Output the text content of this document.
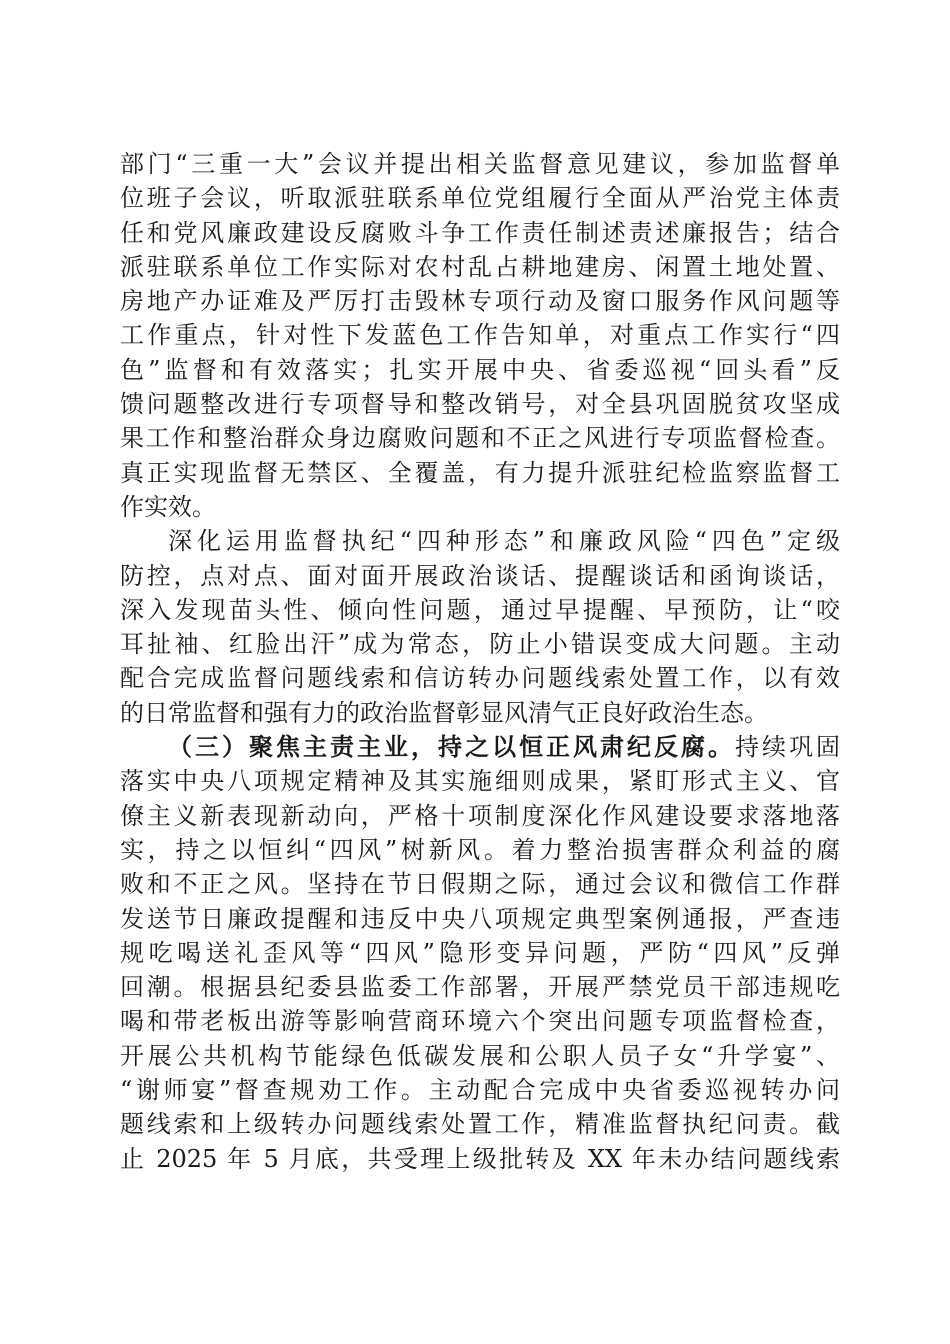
部门“三重一大”会议并提出相关监督意见建议，参加监督单
位班子会议，听取派驻联系单位党组履行全面从严治党主体责
任和党风廉政建设反腐败斗争工作责任制述责述廉报告；结合
派驻联系单位工作实际对农村乱占耕地建房、闲置土地处置、
房地产办证难及严厉打击毁林专项行动及窗口服务作风问题等
工作重点，针对性下发蓝色工作告知单，对重点工作实行“四
色”监督和有效落实；扎实开展中央、省委巡视“回头看”反
馈问题整改进行专项督导和整改销号，对全县巩固脱贫攻坚成
果工作和整治群众身边腐败问题和不正之风进行专项监督检查。
真正实现监督无禁区、全覆盖，有力提升派驻纪检监察监督工
作实效。
深化运用监督执纪“四种形态”和廉政风险“四色”定级
防控，点对点、面对面开展政治谈话、提醒谈话和函询谈话，
深入发现苗头性、倾向性问题，通过早提醒、早预防，让“咬
耳扯袖、红脸出汗”成为常态，防止小错误变成大问题。主动
配合完成监督问题线索和信访转办问题线索处置工作，以有效
的日常监督和强有力的政治监督彰显风清气正良好政治生态。
（三）聚焦主责主业，持之以恒正风肃纪反腐。持续巩固
落实中央八项规定精神及其实施细则成果，紧盯形式主义、官
僚主义新表现新动向，严格十项制度深化作风建设要求落地落
实，持之以恒纠“四风”树新风。着力整治损害群众利益的腐
败和不正之风。坚持在节日假期之际，通过会议和微信工作群
发送节日廉政提醒和违反中央八项规定典型案例通报，严查违
规吃喝送礼歪风等“四风”隐形变异问题，严防“四风”反弹
回潮。根据县纪委县监委工作部署，开展严禁党员干部违规吃
喝和带老板出游等影响营商环境六个突出问题专项监督检查，
开展公共机构节能绿色低碳发展和公职人员子女“升学宴”、
“谢师宴”督查规劝工作。主动配合完成中央省委巡视转办问
题线索和上级转办问题线索处置工作，精准监督执纪问责。截
止 2025 年 5 月底，共受理上级批转及 XX 年未办结问题线索
